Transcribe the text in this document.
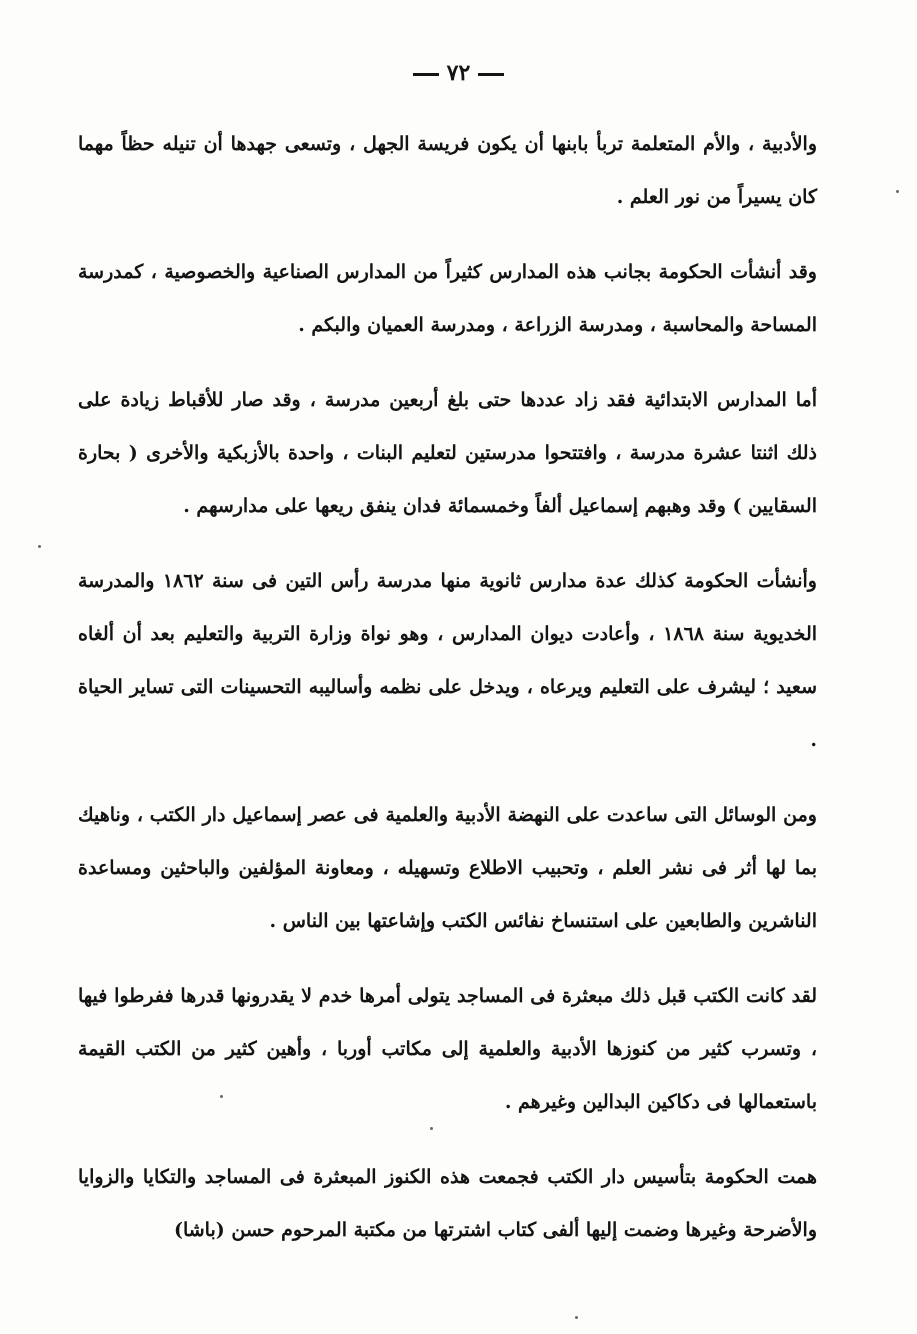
٧٢

والأدبية ، والأم المتعلمة تربأ بابنها أن يكون فريسة الجهل ، وتسعى جهدها أن تنيله حظاً مهما كان يسيراً من نور العلم .

وقد أنشأت الحكومة بجانب هذه المدارس كثيراً من المدارس الصناعية والخصوصية ، كمدرسة المساحة والمحاسبة ، ومدرسة الزراعة ، ومدرسة العميان والبكم .

أما المدارس الابتدائية فقد زاد عددها حتى بلغ أربعين مدرسة ، وقد صار للأقباط زيادة على ذلك اثنتا عشرة مدرسة ، وافتتحوا مدرستين لتعليم البنات ، واحدة بالأزبكية والأخرى ( بحارة السقايين ) وقد وهبهم إسماعيل ألفاً وخمسمائة فدان ينفق ريعها على مدارسهم .

وأنشأت الحكومة كذلك عدة مدارس ثانوية منها مدرسة رأس التين فى سنة ١٨٦٢ والمدرسة الخديوية سنة ١٨٦٨ ، وأعادت ديوان المدارس ، وهو نواة وزارة التربية والتعليم بعد أن ألغاه سعيد ؛ ليشرف على التعليم ويرعاه ، ويدخل على نظمه وأساليبه التحسينات التى تساير الحياة .

ومن الوسائل التى ساعدت على النهضة الأدبية والعلمية فى عصر إسماعيل دار الكتب ، وناهيك بما لها أثر فى نشر العلم ، وتحبيب الاطلاع وتسهيله ، ومعاونة المؤلفين والباحثين ومساعدة الناشرين والطابعين على استنساخ نفائس الكتب وإشاعتها بين الناس .

لقد كانت الكتب قبل ذلك مبعثرة فى المساجد يتولى أمرها خدم لا يقدرونها قدرها ففرطوا فيها ، وتسرب كثير من كنوزها الأدبية والعلمية إلى مكاتب أوربا ، وأهين كثير من الكتب القيمة باستعمالها فى دكاكين البدالين وغيرهم .

همت الحكومة بتأسيس دار الكتب فجمعت هذه الكنوز المبعثرة فى المساجد والتكايا والزوايا والأضرحة وغيرها وضمت إليها ألفى كتاب اشترتها من مكتبة المرحوم حسن (باشا)
